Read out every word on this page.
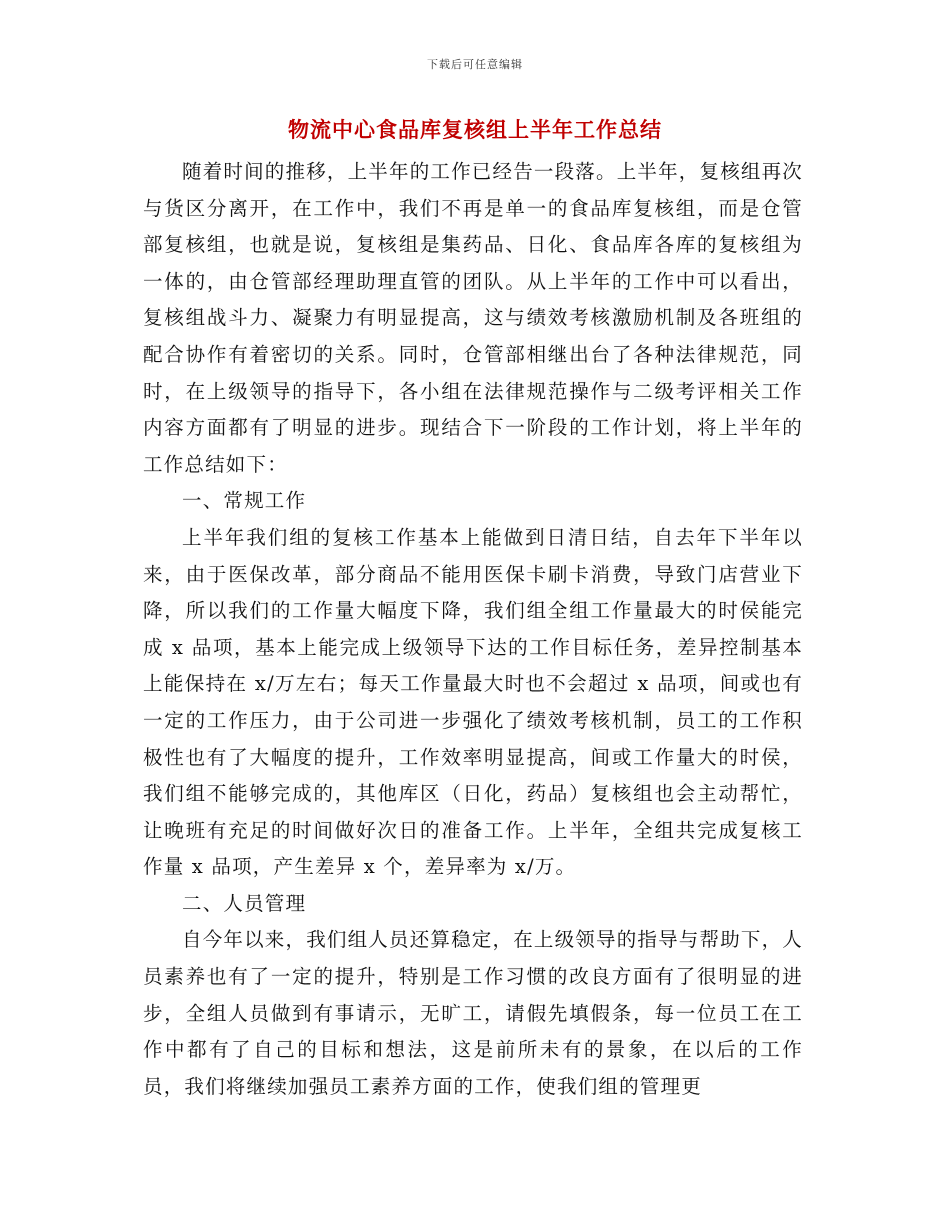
下载后可任意编辑
物流中心食品库复核组上半年工作总结

随着时间的推移，上半年的工作已经告一段落。上半年，复核组再次与货区分离开，在工作中，我们不再是单一的食品库复核组，而是仓管部复核组，也就是说，复核组是集药品、日化、食品库各库的复核组为一体的，由仓管部经理助理直管的团队。从上半年的工作中可以看出，复核组战斗力、凝聚力有明显提高，这与绩效考核激励机制及各班组的配合协作有着密切的关系。同时，仓管部相继出台了各种法律规范，同时，在上级领导的指导下，各小组在法律规范操作与二级考评相关工作内容方面都有了明显的进步。现结合下一阶段的工作计划，将上半年的工作总结如下：

一、常规工作

上半年我们组的复核工作基本上能做到日清日结，自去年下半年以来，由于医保改革，部分商品不能用医保卡刷卡消费，导致门店营业下降，所以我们的工作量大幅度下降，我们组全组工作量最大的时侯能完成 x 品项，基本上能完成上级领导下达的工作目标任务，差异控制基本上能保持在 x/万左右；每天工作量最大时也不会超过 x 品项，间或也有一定的工作压力，由于公司进一步强化了绩效考核机制，员工的工作积极性也有了大幅度的提升，工作效率明显提高，间或工作量大的时侯，我们组不能够完成的，其他库区（日化，药品）复核组也会主动帮忙，让晚班有充足的时间做好次日的准备工作。上半年，全组共完成复核工作量 x 品项，产生差异 x 个，差异率为 x/万。

二、人员管理

自今年以来，我们组人员还算稳定，在上级领导的指导与帮助下，人员素养也有了一定的提升，特别是工作习惯的改良方面有了很明显的进步，全组人员做到有事请示，无旷工，请假先填假条，每一位员工在工作中都有了自己的目标和想法，这是前所未有的景象，在以后的工作员，我们将继续加强员工素养方面的工作，使我们组的管理更
